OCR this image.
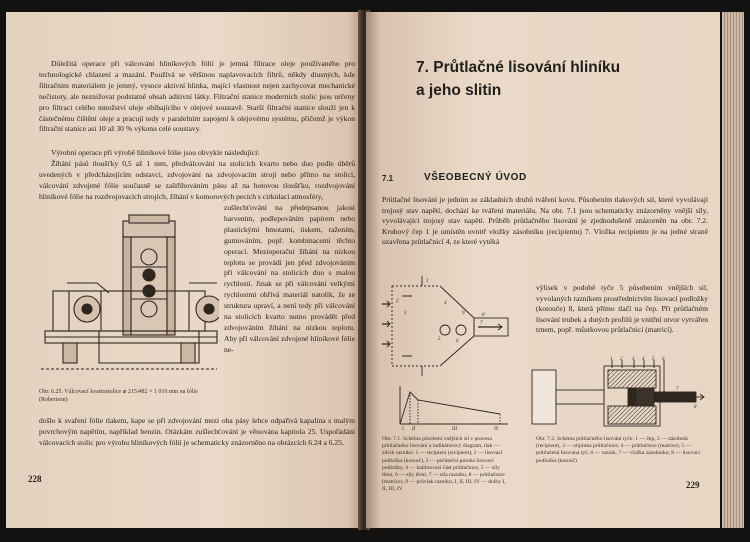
Důležitá operace při válcování hliníkových fólií je jemná filtrace oleje používaného pro technologické chlazení a mazání. Používá se většinou naplavovacích filtrů, někdy diusných, kde filtračním materiálem je jemný, vysoce aktivní hlinka, mající vlastnost nejen zachycovat mechanické nečistoty, ale neznižovat podstatně obsah aditivní látky. Filtrační stanice moderních stolic jsou určeny pro filtraci celého množství oleje obíhajícího v olejové soustavě. Starší filtrační stanice slouží jen k částečnému čištění oleje a pracují tedy v paralelním zapojení k olejovému systému, přičemž je výkon filtrační stanice asi 10 až 30 % výkonu celé soustavy.

Výrobní operace při výrobě hliníkové fólie jsou obvykle následující:

Žíhání pásů tloušťky 0,5 až 1 mm, předválcování na stolicích kvarto nebo duo podle úběrů uvedených v předcházejícím odstavci, zdvojování na zdvojovacím stroji nebo přímo na stolici, válcování zdvojené fólie současně se zaštřihováním pásu až na hotovou tloušťku, rozdvojování hliníkové fólie na rozdvojovacích strojích, žíhání v komorových pecích s cirkulací atmosféry,

zušlechťování na předepsanou jakost barvením, podlepováním papírem nebo plastickými hmotami, tiskem, ražením, gumováním, popř. kombinacemi těchto operací. Mezioperační žíhání na nízkou teplotu se provádí jen před zdvojováním při válcování na stolicích duo s malou rychlostí. Jinak se při válcování velkými rychlostmi ohřívá materiál natolik, že se struktura upraví, a není tedy při válcování na stolicích kvarto nutno provádět před zdvojováním žíhání na nízkou teplotu. Aby při válcování zdvojené hliníkové fólie ne-

Obr. 6.25. Válcovací kvartostolice ⌀ 215/482 × 1 016 mm na fólie (Robertson)

došlo k svaření fólie tlakem, kape se při zdvojování mezi oba pásy lehce odpařivá kapalina s malým povrchovým napětím, například benzin. Otázkám zušlechťování je věnována kapitola 25. Uspořádání válcovacích stolic pro výrobu hliníkových fólií je schematicky znázorněno na obrázcích 6.24 a 6.25.

228
7. Průtlačné lisování hliníku
a jeho slitin
7.1	VŠEOBECNÝ ÚVOD

Průtlačné lisování je jedním ze základních druhů tváření kovu. Působením tlakových sil, které vyvolávají trojosý stav napětí, dochází ke tváření materiálu. Na obr. 7.1 jsou schematicky znázorněny vnější síly, vyvolávající trojosý stav napětí. Průběh průtlačného lisování je zjednodušeně znázorněn na obr. 7.2. Kruhový čep 1 je umístěn uvnitř vložky zásobníku (recipientu) 7. Vložka recipientu je na jedné straně uzavřena průtlačnicí 4, ze které vytéká

2
1
3
4
5	6
7
8
9
II	III	IV
I

výlisek v podobě tyče 5 působením vnějších sil, vyvolaných razníkem prostřednictvím lisovací podložky (kotouče) 8, která přímo tlačí na čep. Při průtlačném lisování trubek a dutých profilů je vnitřní otvor vytvářen trnem, popř. můstkovou průtlačnicí (matricí).

1 2 3 4 5 6
7
8

Obr. 7.1. Schéma působení vnějších sil v procesu průtlačného lisování a indikátorový diagram, tlak — zdvih razníku: 1 — recipient (recipient), 2 — lisovací podložka (kotouč), 3 — počáteční poloha lisovací podložky, 4 — kalibrovací část průtlačnice, 5 — síly tření, 6 — síly tření, 7 — síla razníku, 8 — průtlačnice (matrice), 9 — průvlak razníku, I, II, III, IV — dráhy I, II, III, IV

Obr. 7.2. Schéma průtlačného lisování tyče: 1 — čep, 2 — zásobník (recipient), 3 — objímka průtlačnice, 4 — průtlačnice (matrice), 5 — průtlačená lisovaná tyč, 6 — razník, 7 — vložka zásobníku, 8 — lisovací podložka (kotouč)

229
